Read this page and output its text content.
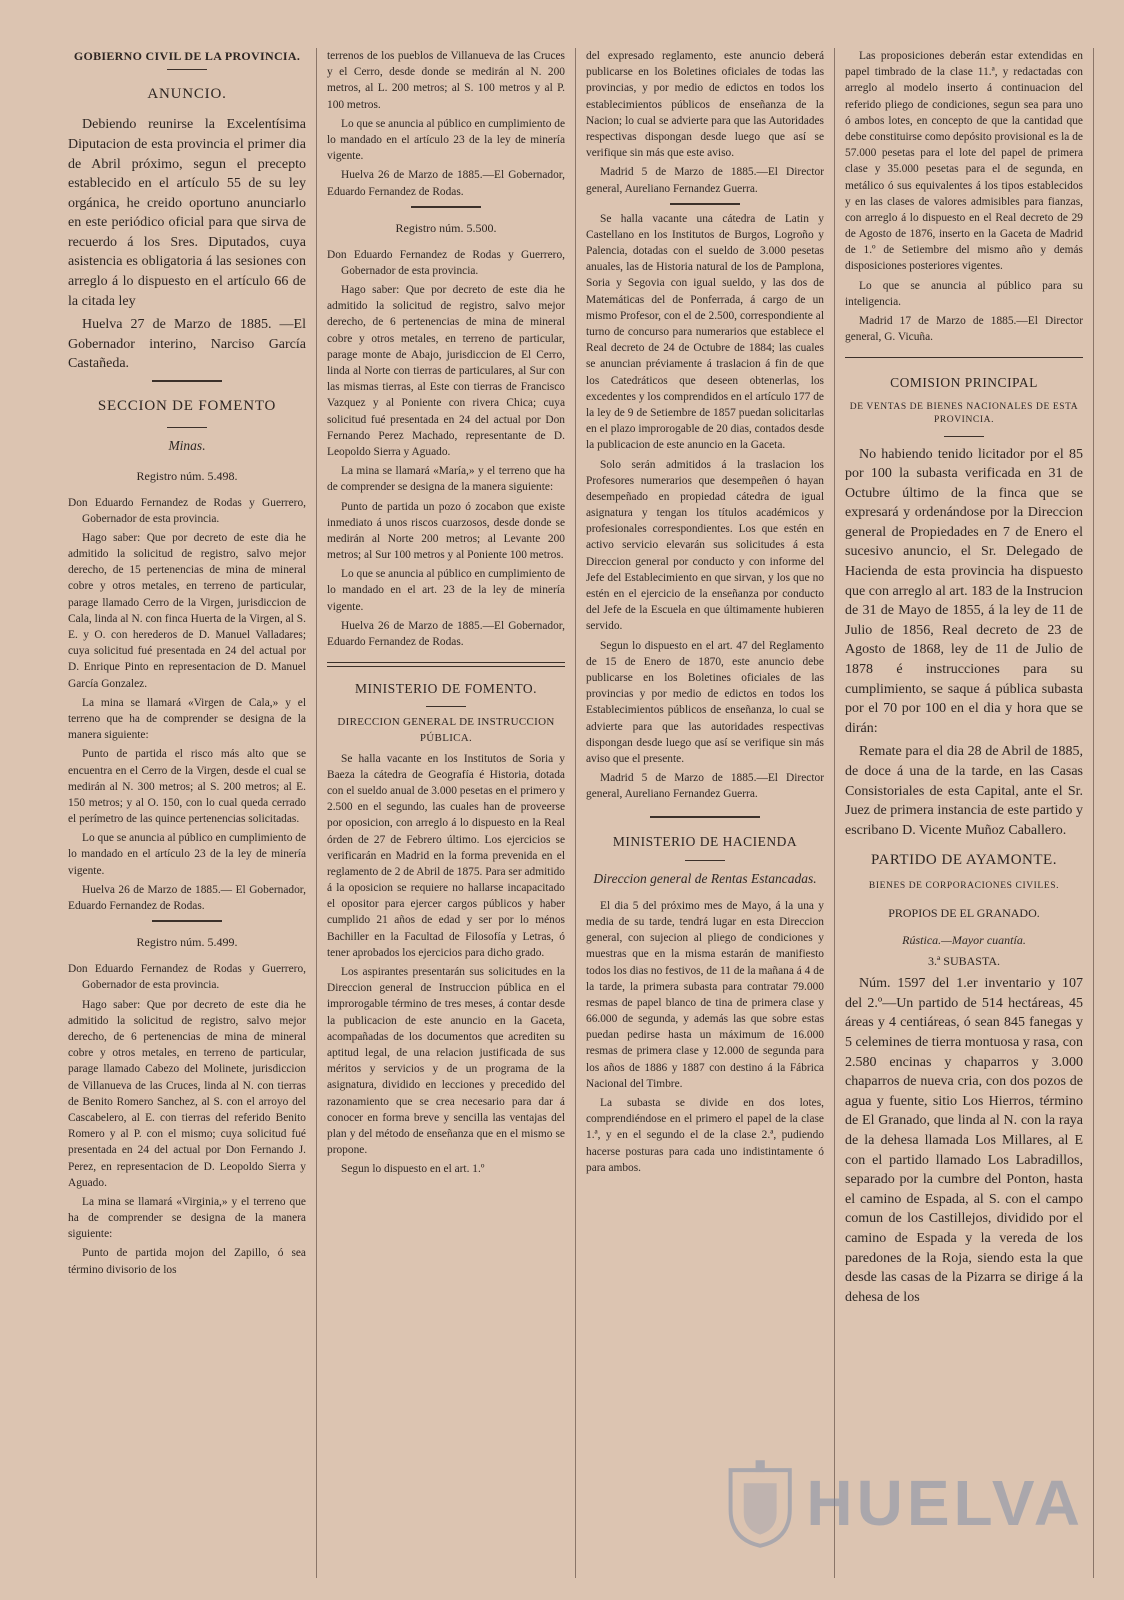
GOBIERNO CIVIL DE LA PROVINCIA.
ANUNCIO.

Debiendo reunirse la Excelentísima Diputacion de esta provincia el primer dia de Abril próximo, segun el precepto establecido en el artículo 55 de su ley orgánica, he creido oportuno anunciarlo en este periódico oficial para que sirva de recuerdo á los Sres. Diputados, cuya asistencia es obligatoria á las sesiones con arreglo á lo dispuesto en el artículo 66 de la citada ley

Huelva 27 de Marzo de 1885. —El Gobernador interino, Narciso García Castañeda.

SECCION DE FOMENTO
Minas.
Registro núm. 5.498.

Don Eduardo Fernandez de Rodas y Guerrero, Gobernador de esta provincia.

Hago saber: Que por decreto de este dia he admitido la solicitud de registro, salvo mejor derecho, de 15 pertenencias de mina de mineral cobre y otros metales, en terreno de particular, parage llamado Cerro de la Virgen, jurisdiccion de Cala, linda al N. con finca Huerta de la Virgen, al S. E. y O. con herederos de D. Manuel Valladares; cuya solicitud fué presentada en 24 del actual por D. Enrique Pinto en representacion de D. Manuel García Gonzalez.

La mina se llamará «Virgen de Cala,» y el terreno que ha de comprender se designa de la manera siguiente:

Punto de partida el risco más alto que se encuentra en el Cerro de la Virgen, desde el cual se medirán al N. 300 metros; al S. 200 metros; al E. 150 metros; y al O. 150, con lo cual queda cerrado el perímetro de las quince pertenencias solicitadas.

Lo que se anuncia al público en cumplimiento de lo mandado en el artículo 23 de la ley de minería vigente.

Huelva 26 de Marzo de 1885.— El Gobernador, Eduardo Fernandez de Rodas.

Registro núm. 5.499.

Don Eduardo Fernandez de Rodas y Guerrero, Gobernador de esta provincia.

Hago saber: Que por decreto de este dia he admitido la solicitud de registro, salvo mejor derecho, de 6 pertenencias de mina de mineral cobre y otros metales, en terreno de particular, parage llamado Cabezo del Molinete, jurisdiccion de Villanueva de las Cruces, linda al N. con tierras de Benito Romero Sanchez, al S. con el arroyo del Cascabelero, al E. con tierras del referido Benito Romero y al P. con el mismo; cuya solicitud fué presentada en 24 del actual por Don Fernando J. Perez, en representacion de D. Leopoldo Sierra y Aguado.

La mina se llamará «Virginia,» y el terreno que ha de comprender se designa de la manera siguiente:

Punto de partida mojon del Zapillo, ó sea término divisorio de los

terrenos de los pueblos de Villanueva de las Cruces y el Cerro, desde donde se medirán al N. 200 metros, al L. 200 metros; al S. 100 metros y al P. 100 metros.

Lo que se anuncia al público en cumplimiento de lo mandado en el artículo 23 de la ley de minería vigente.

Huelva 26 de Marzo de 1885.—El Gobernador, Eduardo Fernandez de Rodas.

Registro núm. 5.500.

Don Eduardo Fernandez de Rodas y Guerrero, Gobernador de esta provincia.

Hago saber: Que por decreto de este dia he admitido la solicitud de registro, salvo mejor derecho, de 6 pertenencias de mina de mineral cobre y otros metales, en terreno de particular, parage monte de Abajo, jurisdiccion de El Cerro, linda al Norte con tierras de particulares, al Sur con las mismas tierras, al Este con tierras de Francisco Vazquez y al Poniente con rivera Chica; cuya solicitud fué presentada en 24 del actual por Don Fernando Perez Machado, representante de D. Leopoldo Sierra y Aguado.

La mina se llamará «María,» y el terreno que ha de comprender se designa de la manera siguiente:

Punto de partida un pozo ó zocabon que existe inmediato á unos riscos cuarzosos, desde donde se medirán al Norte 200 metros; al Levante 200 metros; al Sur 100 metros y al Poniente 100 metros.

Lo que se anuncia al público en cumplimiento de lo mandado en el art. 23 de la ley de minería vigente.

Huelva 26 de Marzo de 1885.—El Gobernador, Eduardo Fernandez de Rodas.

MINISTERIO DE FOMENTO.
DIRECCION GENERAL DE INSTRUCCION PÚBLICA.

Se halla vacante en los Institutos de Soria y Baeza la cátedra de Geografía é Historia, dotada con el sueldo anual de 3.000 pesetas en el primero y 2.500 en el segundo, las cuales han de proveerse por oposicion, con arreglo á lo dispuesto en la Real órden de 27 de Febrero último. Los ejercicios se verificarán en Madrid en la forma prevenida en el reglamento de 2 de Abril de 1875. Para ser admitido á la oposicion se requiere no hallarse incapacitado el opositor para ejercer cargos públicos y haber cumplido 21 años de edad y ser por lo ménos Bachiller en la Facultad de Filosofía y Letras, ó tener aprobados los ejercicios para dicho grado.

Los aspirantes presentarán sus solicitudes en la Direccion general de Instruccion pública en el improrogable término de tres meses, á contar desde la publicacion de este anuncio en la Gaceta, acompañadas de los documentos que acrediten su aptitud legal, de una relacion justificada de sus méritos y servicios y de un programa de la asignatura, dividido en lecciones y precedido del razonamiento que se crea necesario para dar á conocer en forma breve y sencilla las ventajas del plan y del método de enseñanza que en el mismo se propone.

Segun lo dispuesto en el art. 1.º

del expresado reglamento, este anuncio deberá publicarse en los Boletines oficiales de todas las provincias, y por medio de edictos en todos los establecimientos públicos de enseñanza de la Nacion; lo cual se advierte para que las Autoridades respectivas dispongan desde luego que así se verifique sin más que este aviso.

Madrid 5 de Marzo de 1885.—El Director general, Aureliano Fernandez Guerra.

Se halla vacante una cátedra de Latin y Castellano en los Institutos de Burgos, Logroño y Palencia, dotadas con el sueldo de 3.000 pesetas anuales, las de Historia natural de los de Pamplona, Soria y Segovia con igual sueldo, y las dos de Matemáticas del de Ponferrada, á cargo de un mismo Profesor, con el de 2.500, correspondiente al turno de concurso para numerarios que establece el Real decreto de 24 de Octubre de 1884; las cuales se anuncian préviamente á traslacion á fin de que los Catedráticos que deseen obtenerlas, los excedentes y los comprendidos en el artículo 177 de la ley de 9 de Setiembre de 1857 puedan solicitarlas en el plazo improrogable de 20 dias, contados desde la publicacion de este anuncio en la Gaceta.

Solo serán admitidos á la traslacion los Profesores numerarios que desempeñen ó hayan desempeñado en propiedad cátedra de igual asignatura y tengan los títulos académicos y profesionales correspondientes. Los que estén en activo servicio elevarán sus solicitudes á esta Direccion general por conducto y con informe del Jefe del Establecimiento en que sirvan, y los que no estén en el ejercicio de la enseñanza por conducto del Jefe de la Escuela en que últimamente hubieren servido.

Segun lo dispuesto en el art. 47 del Reglamento de 15 de Enero de 1870, este anuncio debe publicarse en los Boletines oficiales de las provincias y por medio de edictos en todos los Establecimientos públicos de enseñanza, lo cual se advierte para que las autoridades respectivas dispongan desde luego que así se verifique sin más aviso que el presente.

Madrid 5 de Marzo de 1885.—El Director general, Aureliano Fernandez Guerra.

MINISTERIO DE HACIENDA
Direccion general de Rentas Estancadas.

El dia 5 del próximo mes de Mayo, á la una y media de su tarde, tendrá lugar en esta Direccion general, con sujecion al pliego de condiciones y muestras que en la misma estarán de manifiesto todos los dias no festivos, de 11 de la mañana á 4 de la tarde, la primera subasta para contratar 79.000 resmas de papel blanco de tina de primera clase y 66.000 de segunda, y además las que sobre estas puedan pedirse hasta un máximum de 16.000 resmas de primera clase y 12.000 de segunda para los años de 1886 y 1887 con destino á la Fábrica Nacional del Timbre.

La subasta se divide en dos lotes, comprendiéndose en el primero el papel de la clase 1.ª, y en el segundo el de la clase 2.ª, pudiendo hacerse posturas para cada uno indistintamente ó para ambos.

Las proposiciones deberán estar extendidas en papel timbrado de la clase 11.ª, y redactadas con arreglo al modelo inserto á continuacion del referido pliego de condiciones, segun sea para uno ó ambos lotes, en concepto de que la cantidad que debe constituirse como depósito provisional es la de 57.000 pesetas para el lote del papel de primera clase y 35.000 pesetas para el de segunda, en metálico ó sus equivalentes á los tipos establecidos y en las clases de valores admisibles para fianzas, con arreglo á lo dispuesto en el Real decreto de 29 de Agosto de 1876, inserto en la Gaceta de Madrid de 1.º de Setiembre del mismo año y demás disposiciones posteriores vigentes.

Lo que se anuncia al público para su inteligencia.

Madrid 17 de Marzo de 1885.—El Director general, G. Vicuña.

COMISION PRINCIPAL
DE VENTAS DE BIENES NACIONALES DE ESTA PROVINCIA.

No habiendo tenido licitador por el 85 por 100 la subasta verificada en 31 de Octubre último de la finca que se expresará y ordenándose por la Direccion general de Propiedades en 7 de Enero el sucesivo anuncio, el Sr. Delegado de Hacienda de esta provincia ha dispuesto que con arreglo al art. 183 de la Instrucion de 31 de Mayo de 1855, á la ley de 11 de Julio de 1856, Real decreto de 23 de Agosto de 1868, ley de 11 de Julio de 1878 é instrucciones para su cumplimiento, se saque á pública subasta por el 70 por 100 en el dia y hora que se dirán:

Remate para el dia 28 de Abril de 1885, de doce á una de la tarde, en las Casas Consistoriales de esta Capital, ante el Sr. Juez de primera instancia de este partido y escribano D. Vicente Muñoz Caballero.

PARTIDO DE AYAMONTE.
BIENES DE CORPORACIONES CIVILES.
PROPIOS DE EL GRANADO.
Rústica.—Mayor cuantía.
3.ª SUBASTA.

Núm. 1597 del 1.er inventario y 107 del 2.º—Un partido de 514 hectáreas, 45 áreas y 4 centiáreas, ó sean 845 fanegas y 5 celemines de tierra montuosa y rasa, con 2.580 encinas y chaparros y 3.000 chaparros de nueva cria, con dos pozos de agua y fuente, sitio Los Hierros, término de El Granado, que linda al N. con la raya de la dehesa llamada Los Millares, al E con el partido llamado Los Labradillos, separado por la cumbre del Ponton, hasta el camino de Espada, al S. con el campo comun de los Castillejos, dividido por el camino de Espada y la vereda de los paredones de la Roja, siendo esta la que desde las casas de la Pizarra se dirige á la dehesa de los

HUELVA
